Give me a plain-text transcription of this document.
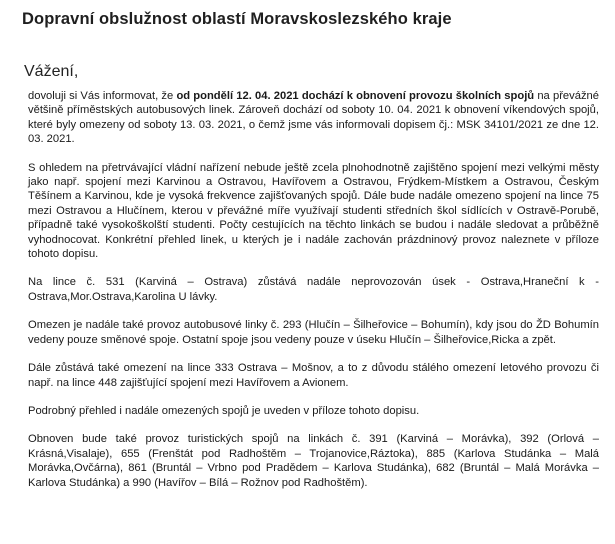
Dopravní obslužnost oblastí Moravskoslezského kraje
Vážení,

dovoluji si Vás informovat, že od pondělí 12. 04. 2021 dochází k obnovení provozu školních spojů na převážné většině příměstských autobusových linek. Zároveň dochází od soboty 10. 04. 2021 k obnovení víkendových spojů, které byly omezeny od soboty 13. 03. 2021, o čemž jsme vás informovali dopisem čj.: MSK 34101/2021 ze dne 12. 03. 2021.

S ohledem na přetrvávající vládní nařízení nebude ještě zcela plnohodnotně zajištěno spojení mezi velkými městy jako např. spojení mezi Karvinou a Ostravou, Havířovem a Ostravou, Frýdkem-Místkem a Ostravou, Českým Těšínem a Karvinou, kde je vysoká frekvence zajišťovaných spojů. Dále bude nadále omezeno spojení na lince 75 mezi Ostravou a Hlučínem, kterou v převážné míře využívají studenti středních škol sídlících v Ostravě-Porubě, případně také vysokoškolští studenti. Počty cestujících na těchto linkách se budou i nadále sledovat a průběžně vyhodnocovat. Konkrétní přehled linek, u kterých je i nadále zachován prázdninový provoz naleznete v příloze tohoto dopisu.

Na lince č. 531 (Karviná – Ostrava) zůstává nadále neprovozován úsek - Ostrava,Hraneční k - Ostrava,Mor.Ostrava,Karolina U lávky.

Omezen je nadále také provoz autobusové linky č. 293 (Hlučín – Šilheřovice – Bohumín), kdy jsou do ŽD Bohumín vedeny pouze směnové spoje. Ostatní spoje jsou vedeny pouze v úseku Hlučín – Šilheřovice,Ricka a zpět.

Dále zůstává také omezení na lince 333 Ostrava – Mošnov, a to z důvodu stálého omezení letového provozu či např. na lince 448 zajišťující spojení mezi Havířovem a Avionem.

Podrobný přehled i nadále omezených spojů je uveden v příloze tohoto dopisu.

Obnoven bude také provoz turistických spojů na linkách č. 391 (Karviná – Morávka), 392 (Orlová – Krásná,Visalaje), 655 (Frenštát pod Radhoštěm – Trojanovice,Ráztoka), 885 (Karlova Studánka – Malá Morávka,Ovčárna), 861 (Bruntál – Vrbno pod Pradědem – Karlova Studánka), 682 (Bruntál – Malá Morávka – Karlova Studánka) a 990 (Havířov – Bílá – Rožnov pod Radhoštěm).
